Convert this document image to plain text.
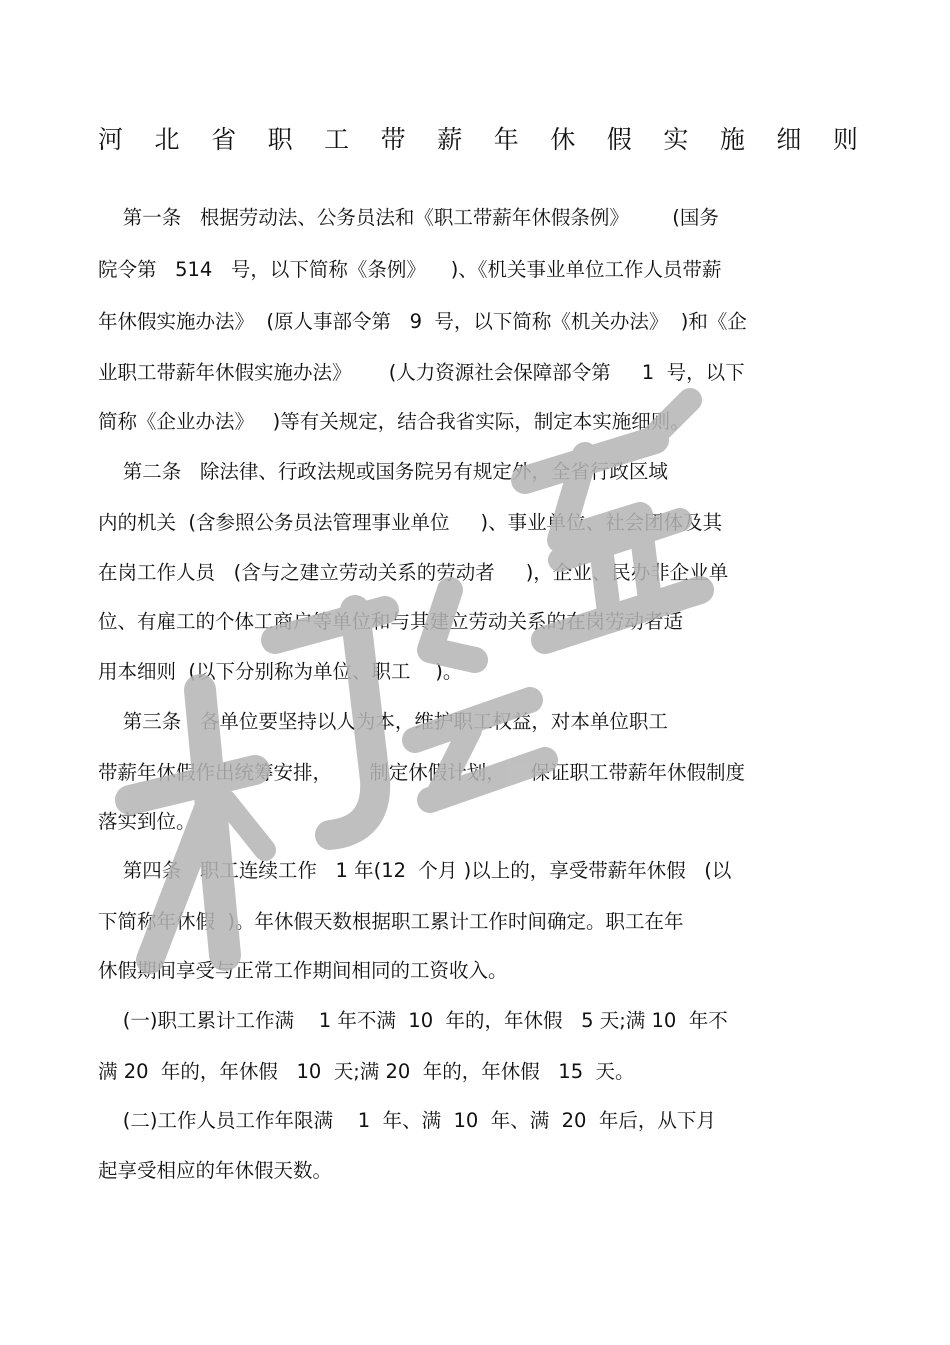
河 北 省 职 工 带 薪 年 休 假 实 施 细 则

第一条   根据劳动法、公务员法和《职工带薪年休假条例》       (国务

院令第   514   号，以下简称《条例》    )、《机关事业单位工作人员带薪

年休假实施办法》  (原人事部令第   9  号，以下简称《机关办法》  )和《企

业职工带薪年休假实施办法》      (人力资源社会保障部令第     1  号，以下

简称《企业办法》   )等有关规定，结合我省实际，制定本实施细则。

第二条   除法律、行政法规或国务院另有规定外，全省行政区域

内的机关  (含参照公务员法管理事业单位     )、事业单位、社会团体及其

在岗工作人员   (含与之建立劳动关系的劳动者     )，企业、民办非企业单

位、有雇工的个体工商户等单位和与其建立劳动关系的在岗劳动者适

用本细则  (以下分别称为单位、职工    )。

第三条   各单位要坚持以人为本，维护职工权益，对本单位职工

带薪年休假作出统筹安排，      制定休假计划，    保证职工带薪年休假制度

落实到位。

第四条   职工连续工作   1 年(12  个月 )以上的，享受带薪年休假   (以

下简称年休假  )。年休假天数根据职工累计工作时间确定。职工在年

休假期间享受与正常工作期间相同的工资收入。

(一)职工累计工作满    1 年不满  10  年的，年休假   5 天;满 10  年不

满 20  年的，年休假   10  天;满 20  年的，年休假   15  天。

(二)工作人员工作年限满    1  年、满  10  年、满  20  年后，从下月

起享受相应的年休假天数。
